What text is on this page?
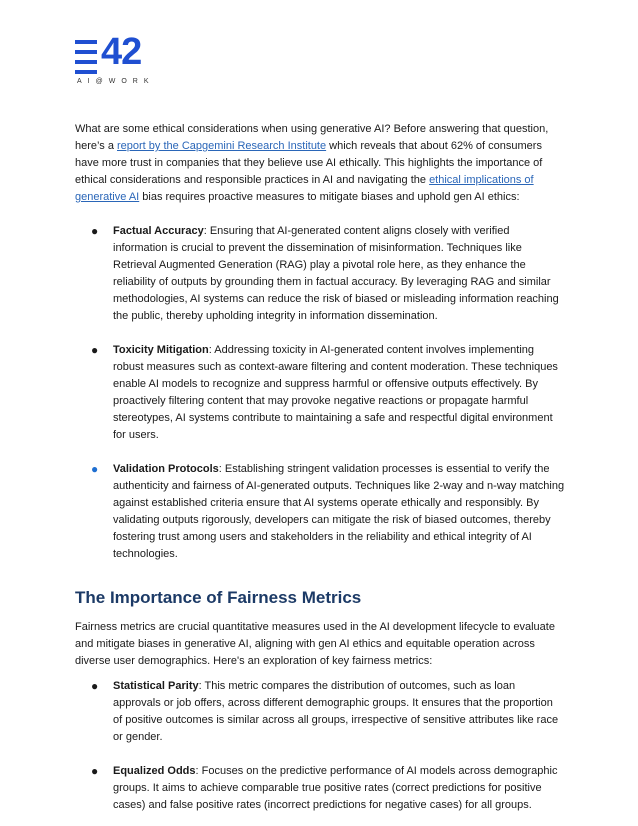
42
AI@WORK

What are some ethical considerations when using generative AI? Before answering that question, here’s a report by the Capgemini Research Institute which reveals that about 62% of consumers have more trust in companies that they believe use AI ethically. This highlights the importance of ethical considerations and responsible practices in AI and navigating the ethical implications of generative AI bias requires proactive measures to mitigate biases and uphold gen AI ethics:

● Factual Accuracy: Ensuring that AI-generated content aligns closely with verified information is crucial to prevent the dissemination of misinformation. Techniques like Retrieval Augmented Generation (RAG) play a pivotal role here, as they enhance the reliability of outputs by grounding them in factual accuracy. By leveraging RAG and similar methodologies, AI systems can reduce the risk of biased or misleading information reaching the public, thereby upholding integrity in information dissemination.
● Toxicity Mitigation: Addressing toxicity in AI-generated content involves implementing robust measures such as context-aware filtering and content moderation. These techniques enable AI models to recognize and suppress harmful or offensive outputs effectively. By proactively filtering content that may provoke negative reactions or propagate harmful stereotypes, AI systems contribute to maintaining a safe and respectful digital environment for users.
● Validation Protocols: Establishing stringent validation processes is essential to verify the authenticity and fairness of AI-generated outputs. Techniques like 2-way and n-way matching against established criteria ensure that AI systems operate ethically and responsibly. By validating outputs rigorously, developers can mitigate the risk of biased outcomes, thereby fostering trust among users and stakeholders in the reliability and ethical integrity of AI technologies.
The Importance of Fairness Metrics

Fairness metrics are crucial quantitative measures used in the AI development lifecycle to evaluate and mitigate biases in generative AI, aligning with gen AI ethics and equitable operation across diverse user demographics. Here's an exploration of key fairness metrics:

● Statistical Parity: This metric compares the distribution of outcomes, such as loan approvals or job offers, across different demographic groups. It ensures that the proportion of positive outcomes is similar across all groups, irrespective of sensitive attributes like race or gender.
● Equalized Odds: Focuses on the predictive performance of AI models across demographic groups. It aims to achieve comparable true positive rates (correct predictions for positive cases) and false positive rates (incorrect predictions for negative cases) for all groups.
